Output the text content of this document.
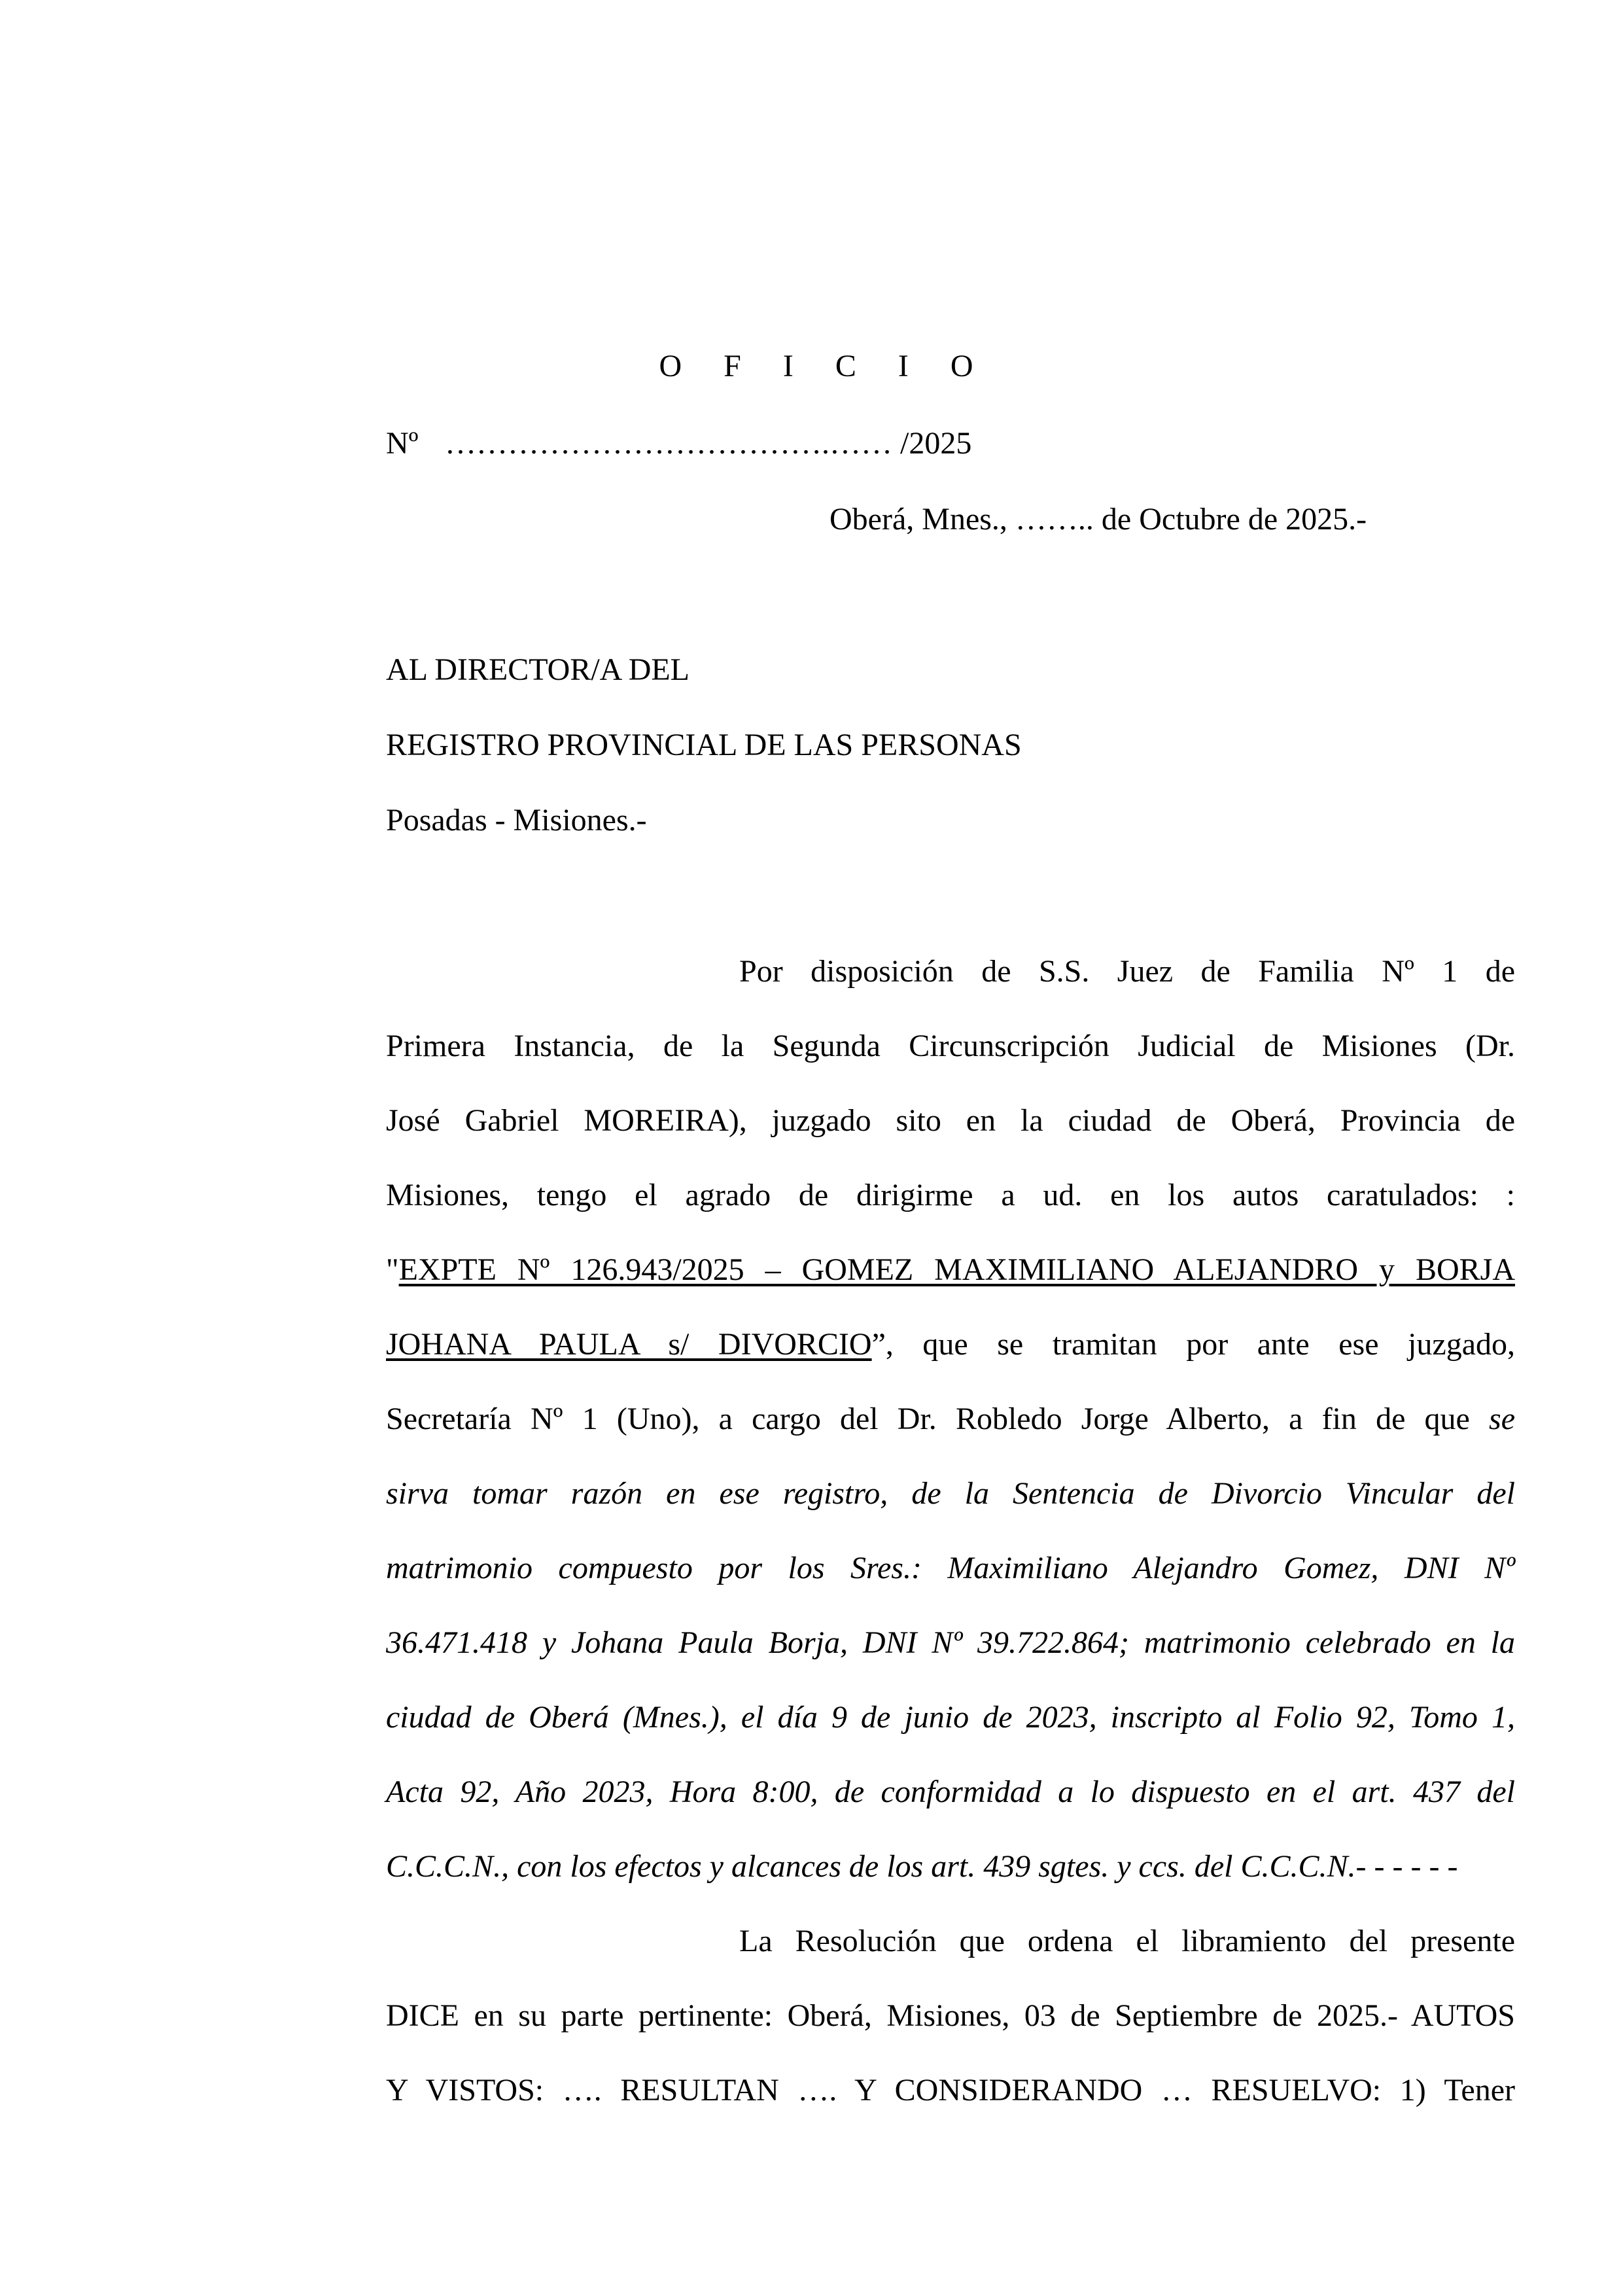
O F I C I O
Nº ……………………………….…… /2025
Oberá, Mnes., …….. de Octubre de 2025.-
AL DIRECTOR/A DEL
REGISTRO PROVINCIAL DE LAS PERSONAS
Posadas - Misiones.-
Por disposición de S.S. Juez de Familia Nº 1 de
Primera Instancia, de la Segunda Circunscripción Judicial de Misiones (Dr.
José Gabriel MOREIRA), juzgado sito en la ciudad de Oberá, Provincia de
Misiones, tengo el agrado de dirigirme a ud. en los autos caratulados: :
"EXPTE Nº 126.943/2025 – GOMEZ MAXIMILIANO ALEJANDRO y BORJA
JOHANA PAULA s/ DIVORCIO”, que se tramitan por ante ese juzgado,
Secretaría Nº 1 (Uno), a cargo del Dr. Robledo Jorge Alberto, a fin de que se
sirva tomar razón en ese registro, de la Sentencia de Divorcio Vincular del
matrimonio compuesto por los Sres.: Maximiliano Alejandro Gomez, DNI Nº
36.471.418 y Johana Paula Borja, DNI Nº 39.722.864; matrimonio celebrado en la
ciudad de Oberá (Mnes.), el día 9 de junio de 2023, inscripto al Folio 92, Tomo 1,
Acta 92, Año 2023, Hora 8:00, de conformidad a lo dispuesto en el art. 437 del
C.C.C.N., con los efectos y alcances de los art. 439 sgtes. y ccs. del C.C.C.N.- - - - - -
La Resolución que ordena el libramiento del presente
DICE en su parte pertinente: Oberá, Misiones, 03 de Septiembre de 2025.- AUTOS
Y VISTOS: …. RESULTAN …. Y CONSIDERANDO … RESUELVO: 1) Tener
